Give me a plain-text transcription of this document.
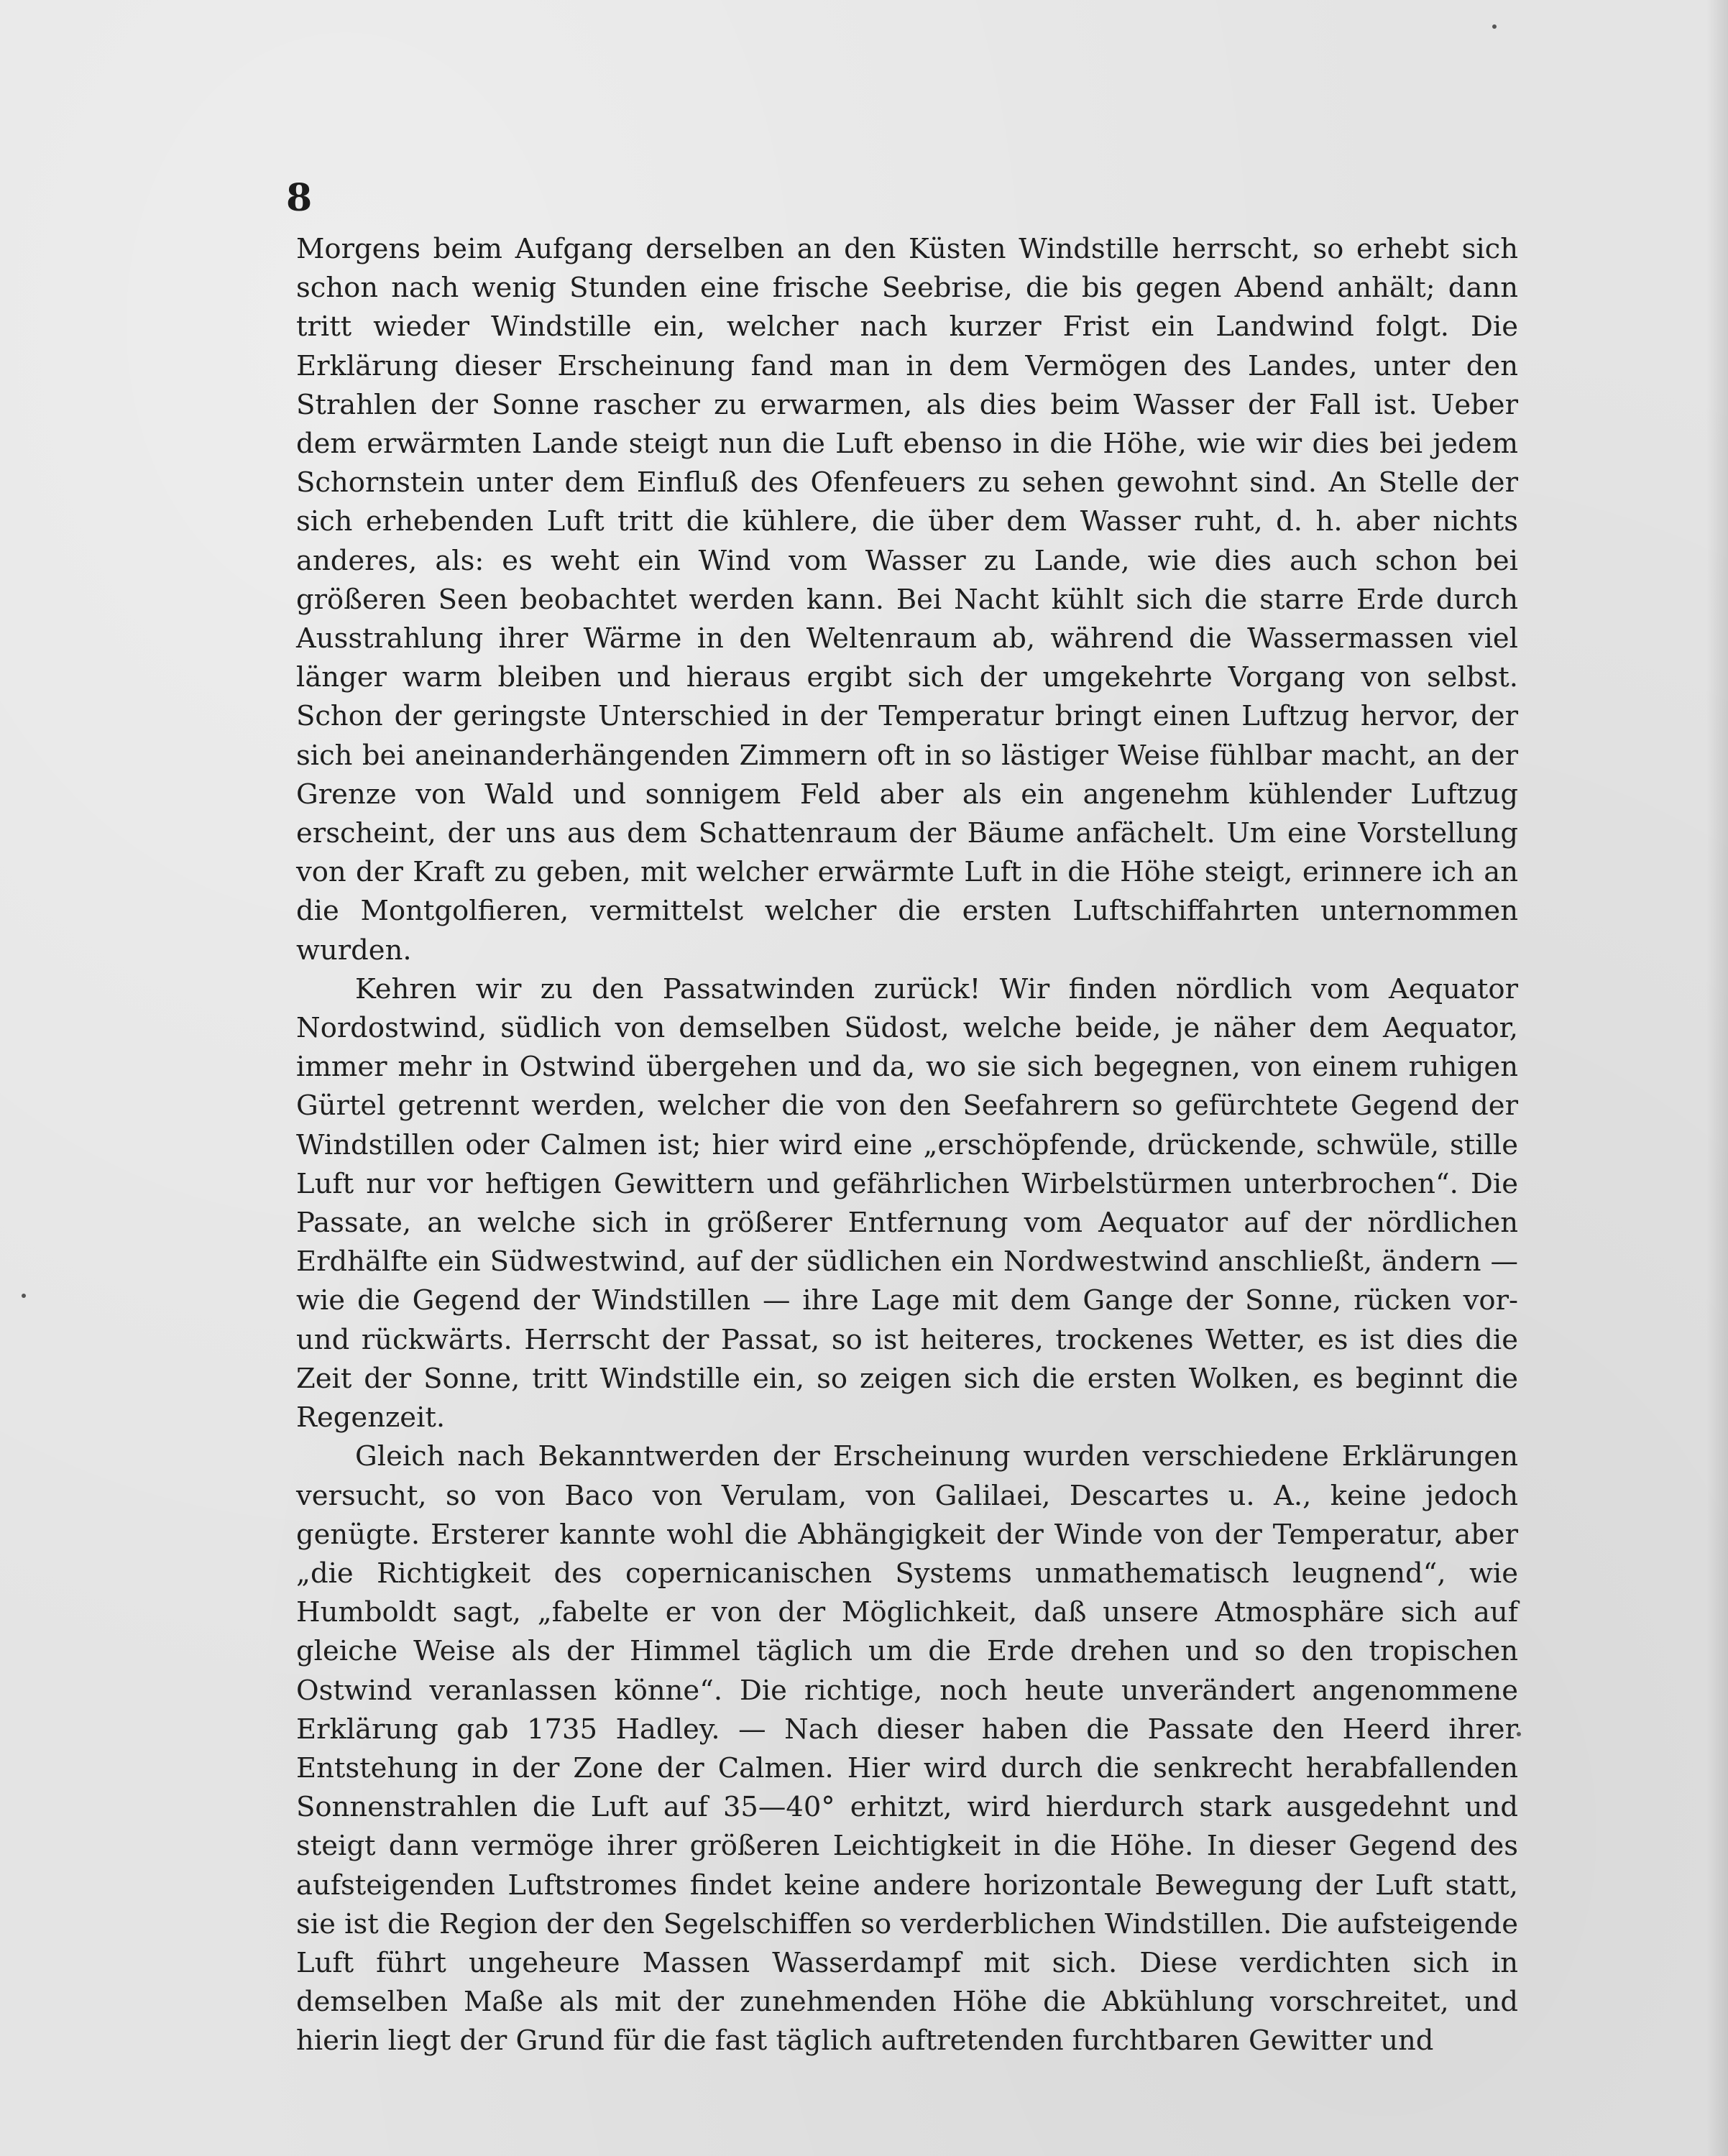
8

Morgens beim Aufgang derselben an den Küsten Windstille herrscht, so erhebt sich schon nach wenig Stunden eine frische Seebrise, die bis gegen Abend anhält; dann tritt wieder Windstille ein, welcher nach kurzer Frist ein Landwind folgt. Die Erklärung dieser Erscheinung fand man in dem Vermögen des Landes, unter den Strahlen der Sonne rascher zu erwarmen, als dies beim Wasser der Fall ist. Ueber dem erwärmten Lande steigt nun die Luft ebenso in die Höhe, wie wir dies bei jedem Schornstein unter dem Einfluß des Ofenfeuers zu sehen gewohnt sind. An Stelle der sich erhebenden Luft tritt die kühlere, die über dem Wasser ruht, d. h. aber nichts anderes, als: es weht ein Wind vom Wasser zu Lande, wie dies auch schon bei größeren Seen beobachtet werden kann. Bei Nacht kühlt sich die starre Erde durch Ausstrahlung ihrer Wärme in den Weltenraum ab, während die Wassermassen viel länger warm bleiben und hieraus ergibt sich der umgekehrte Vorgang von selbst. Schon der geringste Unterschied in der Temperatur bringt einen Luftzug hervor, der sich bei aneinanderhängenden Zimmern oft in so lästiger Weise fühlbar macht, an der Grenze von Wald und sonnigem Feld aber als ein angenehm kühlender Luftzug erscheint, der uns aus dem Schattenraum der Bäume anfächelt. Um eine Vorstellung von der Kraft zu geben, mit welcher erwärmte Luft in die Höhe steigt, erinnere ich an die Montgolfieren, vermittelst welcher die ersten Luftschiffahrten unternommen wurden.

Kehren wir zu den Passatwinden zurück! Wir finden nördlich vom Aequator Nordostwind, südlich von demselben Südost, welche beide, je näher dem Aequator, immer mehr in Ostwind übergehen und da, wo sie sich begegnen, von einem ruhigen Gürtel getrennt werden, welcher die von den Seefahrern so gefürchtete Gegend der Windstillen oder Calmen ist; hier wird eine „erschöpfende, drückende, schwüle, stille Luft nur vor heftigen Gewittern und gefährlichen Wirbelstürmen unterbrochen“. Die Passate, an welche sich in größerer Entfernung vom Aequator auf der nördlichen Erdhälfte ein Südwestwind, auf der südlichen ein Nordwestwind anschließt, ändern — wie die Gegend der Windstillen — ihre Lage mit dem Gange der Sonne, rücken vor- und rückwärts. Herrscht der Passat, so ist heiteres, trockenes Wetter, es ist dies die Zeit der Sonne, tritt Windstille ein, so zeigen sich die ersten Wolken, es beginnt die Regenzeit.

Gleich nach Bekanntwerden der Erscheinung wurden verschiedene Erklärungen versucht, so von Baco von Verulam, von Galilaei, Descartes u. A., keine jedoch genügte. Ersterer kannte wohl die Abhängigkeit der Winde von der Temperatur, aber „die Richtigkeit des copernicanischen Systems unmathematisch leugnend“, wie Humboldt sagt, „fabelte er von der Möglichkeit, daß unsere Atmosphäre sich auf gleiche Weise als der Himmel täglich um die Erde drehen und so den tropischen Ostwind veranlassen könne“. Die richtige, noch heute unverändert angenommene Erklärung gab 1735 Hadley. — Nach dieser haben die Passate den Heerd ihrer Entstehung in der Zone der Calmen. Hier wird durch die senkrecht herabfallenden Sonnenstrahlen die Luft auf 35—40° erhitzt, wird hierdurch stark ausgedehnt und steigt dann vermöge ihrer größeren Leichtigkeit in die Höhe. In dieser Gegend des aufsteigenden Luftstromes findet keine andere horizontale Bewegung der Luft statt, sie ist die Region der den Segelschiffen so verderblichen Windstillen. Die aufsteigende Luft führt ungeheure Massen Wasserdampf mit sich. Diese verdichten sich in demselben Maße als mit der zunehmenden Höhe die Abkühlung vorschreitet, und hierin liegt der Grund für die fast täglich auftretenden furchtbaren Gewitter und
